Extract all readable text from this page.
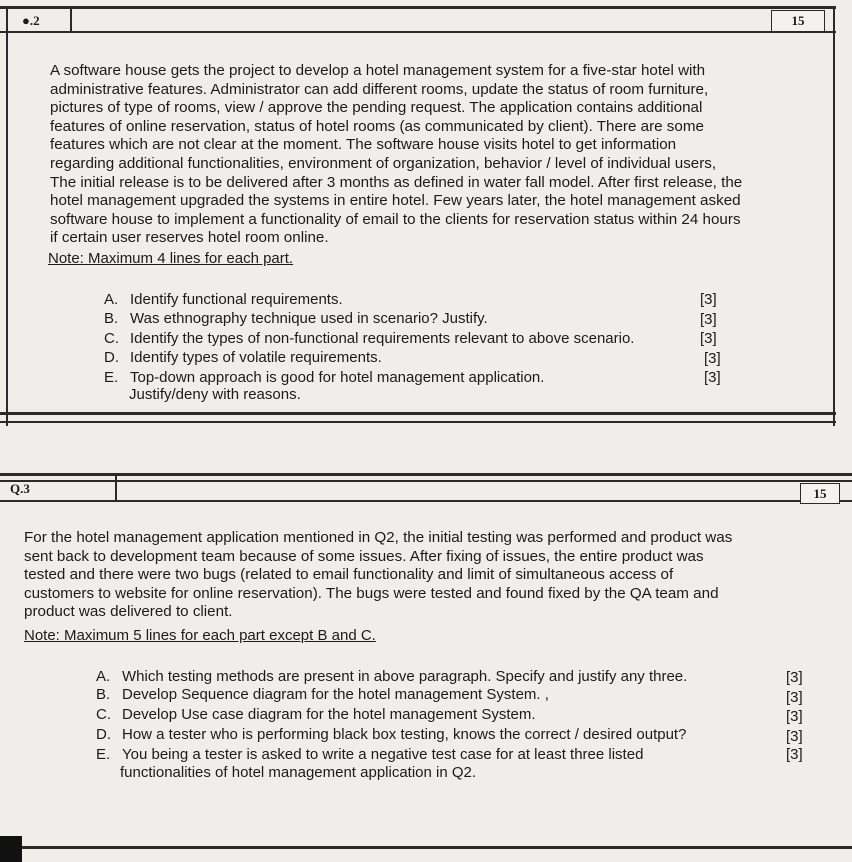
●.2	15
A software house gets the project to develop a hotel management system for a five-star hotel with
administrative features. Administrator can add different rooms, update the status of room furniture,
pictures of type of rooms, view / approve the pending request. The application contains additional
features of online reservation, status of hotel rooms (as communicated by client). There are some
features which are not clear at the moment. The software house visits hotel to get information
regarding additional functionalities, environment of organization, behavior / level of individual users,
The initial release is to be delivered after 3 months as defined in water fall model. After first release, the
hotel management upgraded the systems in entire hotel. Few years later, the hotel management asked
software house to implement a functionality of email to the clients for reservation status within 24 hours
if certain user reserves hotel room online.
Note: Maximum 4 lines for each part.
A. Identify functional requirements.	[3]
B. Was ethnography technique used in scenario? Justify.	[3]
C. Identify the types of non-functional requirements relevant to above scenario.	[3]
D. Identify types of volatile requirements.	[3]
E. Top-down approach is good for hotel management application.	[3]
Justify/deny with reasons.
Q.3	15
For the hotel management application mentioned in Q2, the initial testing was performed and product was
sent back to development team because of some issues. After fixing of issues, the entire product was
tested and there were two bugs (related to email functionality and limit of simultaneous access of
customers to website for online reservation). The bugs were tested and found fixed by the QA team and
product was delivered to client.
Note: Maximum 5 lines for each part except B and C.
A. Which testing methods are present in above paragraph. Specify and justify any three.	[3]
B. Develop Sequence diagram for the hotel management System. ,	[3]
C. Develop Use case diagram for the hotel management System.	[3]
D. How a tester who is performing black box testing, knows the correct / desired output?	[3]
E. You being a tester is asked to write a negative test case for at least three listed	[3]
functionalities of hotel management application in Q2.
